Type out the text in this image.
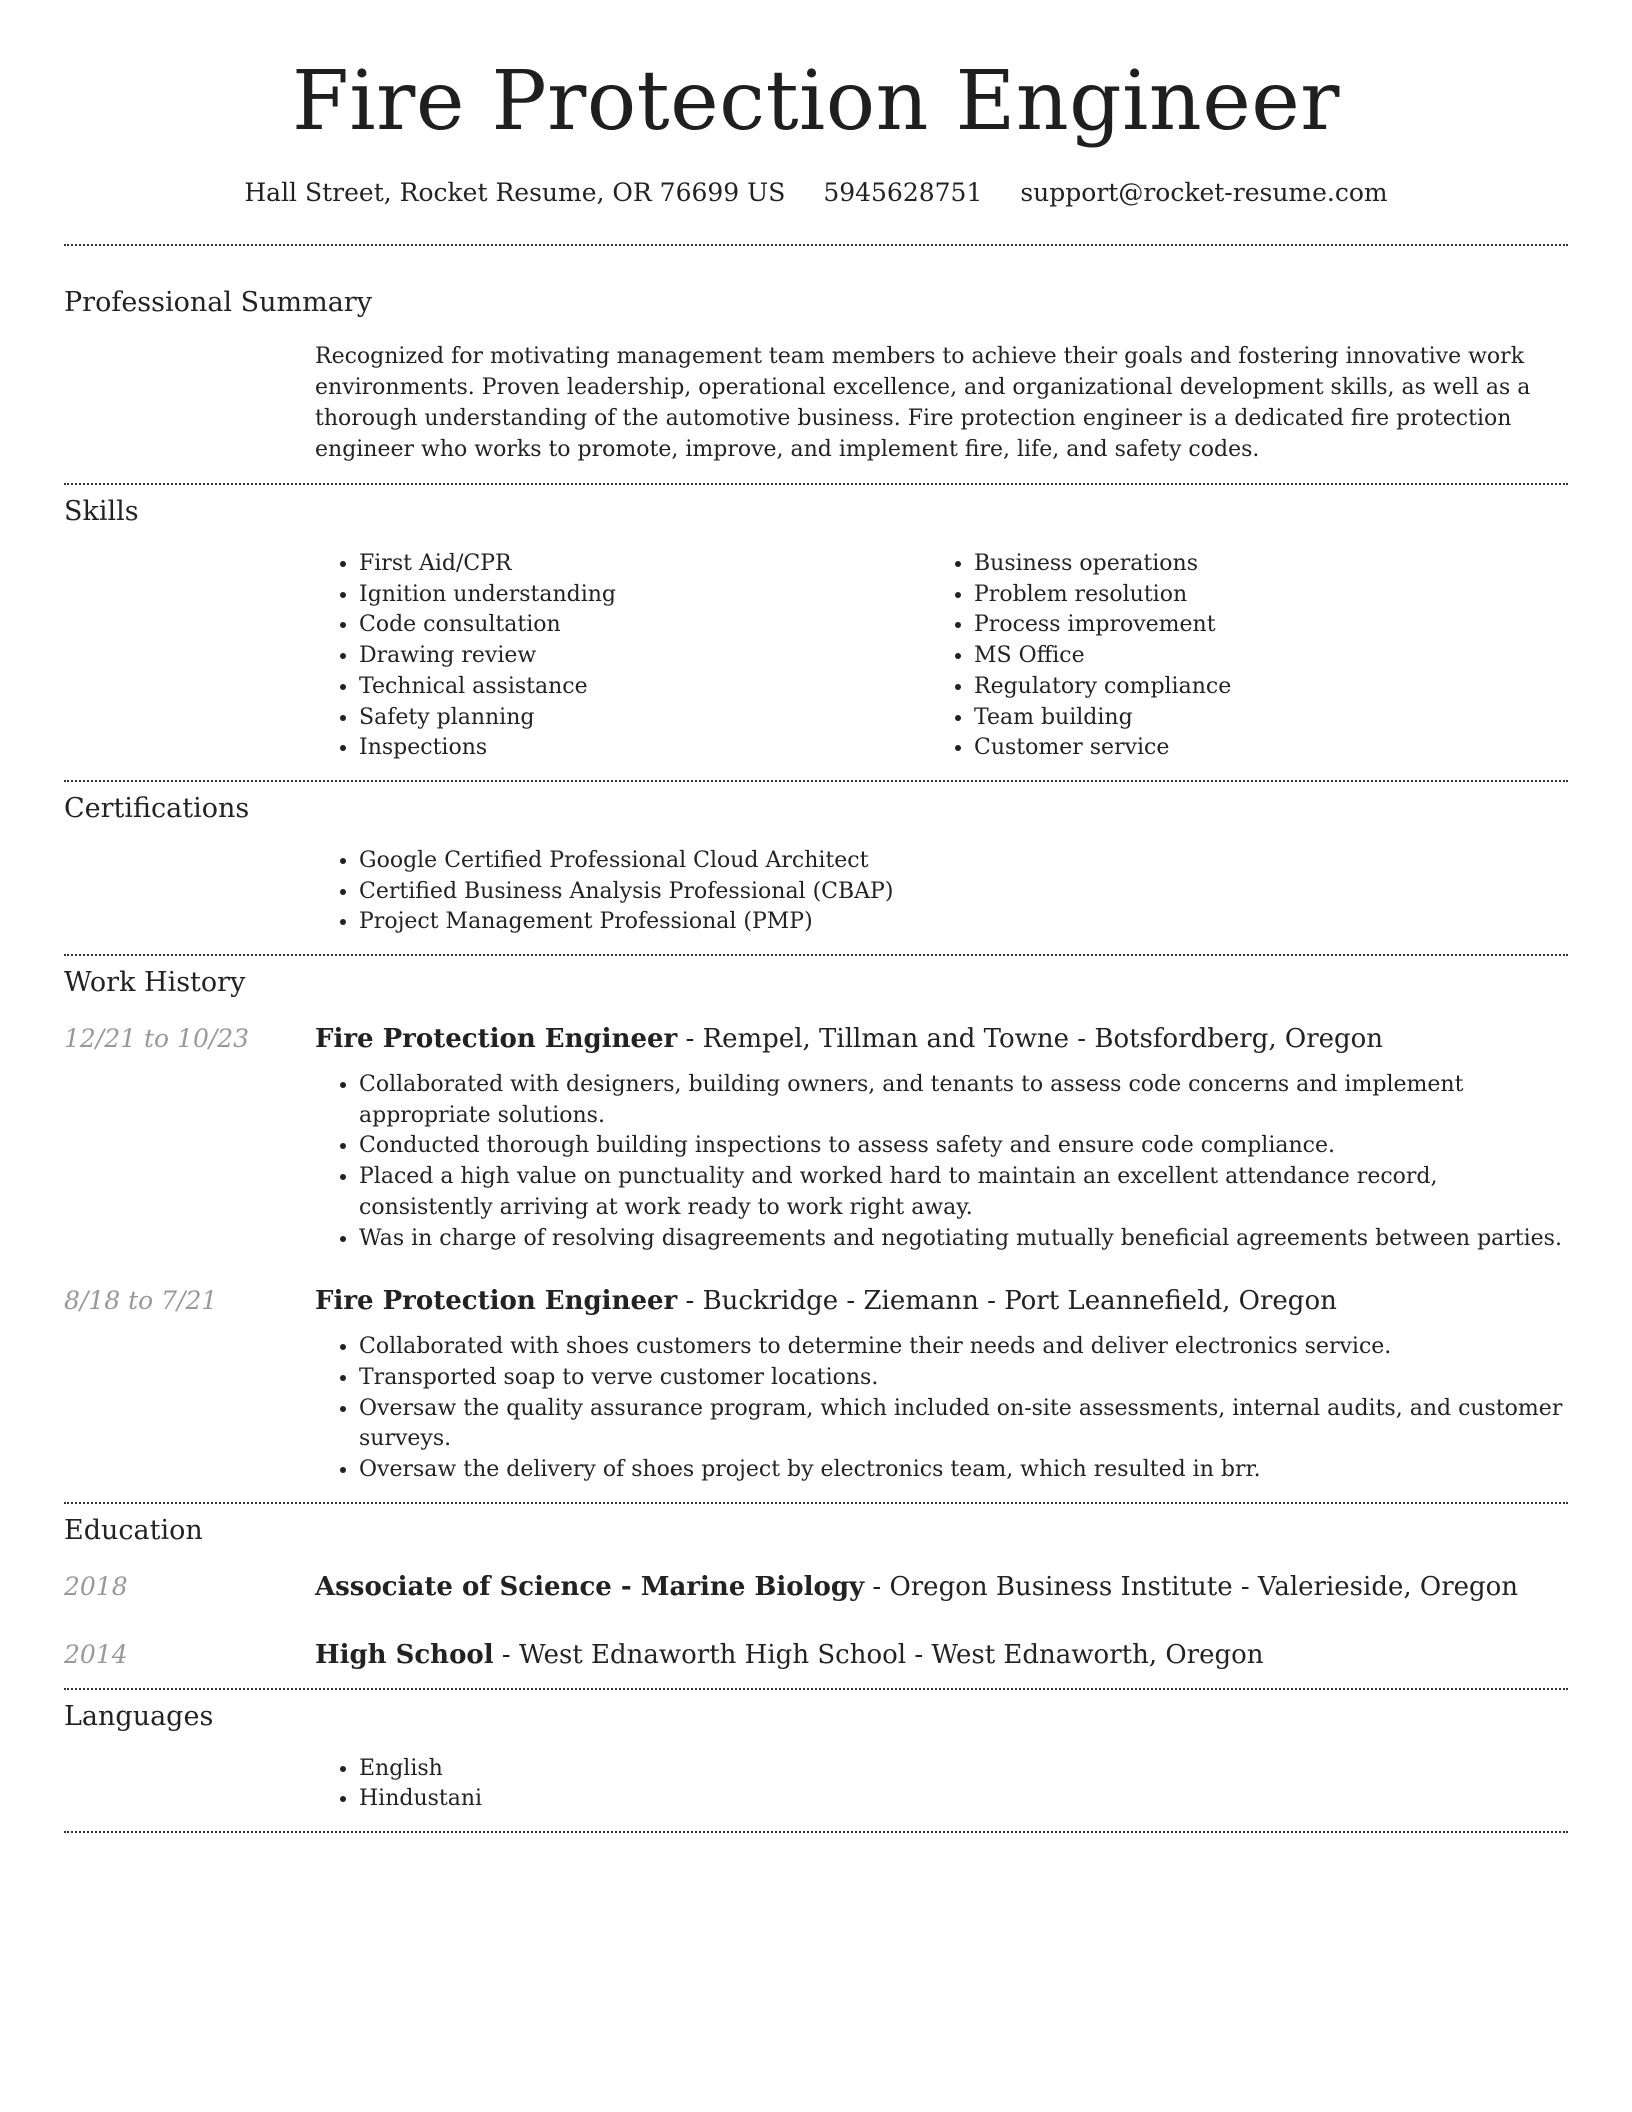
Fire Protection Engineer
Hall Street, Rocket Resume, OR 76699 US 5945628751 support@rocket-resume.com
Professional Summary

Recognized for motivating management team members to achieve their goals and fostering innovative work environments. Proven leadership, operational excellence, and organizational development skills, as well as a thorough understanding of the automotive business. Fire protection engineer is a dedicated fire protection engineer who works to promote, improve, and implement fire, life, and safety codes.

Skills
• First Aid/CPR
• Ignition understanding
• Code consultation
• Drawing review
• Technical assistance
• Safety planning
• Inspections
• Business operations
• Problem resolution
• Process improvement
• MS Office
• Regulatory compliance
• Team building
• Customer service
Certifications
• Google Certified Professional Cloud Architect
• Certified Business Analysis Professional (CBAP)
• Project Management Professional (PMP)
Work History
12/21 to 10/23	Fire Protection Engineer - Rempel, Tillman and Towne - Botsfordberg, Oregon
• Collaborated with designers, building owners, and tenants to assess code concerns and implement appropriate solutions.
• Conducted thorough building inspections to assess safety and ensure code compliance.
• Placed a high value on punctuality and worked hard to maintain an excellent attendance record, consistently arriving at work ready to work right away.
• Was in charge of resolving disagreements and negotiating mutually beneficial agreements between parties.
8/18 to 7/21	Fire Protection Engineer - Buckridge - Ziemann - Port Leannefield, Oregon
• Collaborated with shoes customers to determine their needs and deliver electronics service.
• Transported soap to verve customer locations.
• Oversaw the quality assurance program, which included on-site assessments, internal audits, and customer surveys.
• Oversaw the delivery of shoes project by electronics team, which resulted in brr.
Education
2018	Associate of Science - Marine Biology - Oregon Business Institute - Valerieside, Oregon
2014	High School - West Ednaworth High School - West Ednaworth, Oregon
Languages
• English
• Hindustani
